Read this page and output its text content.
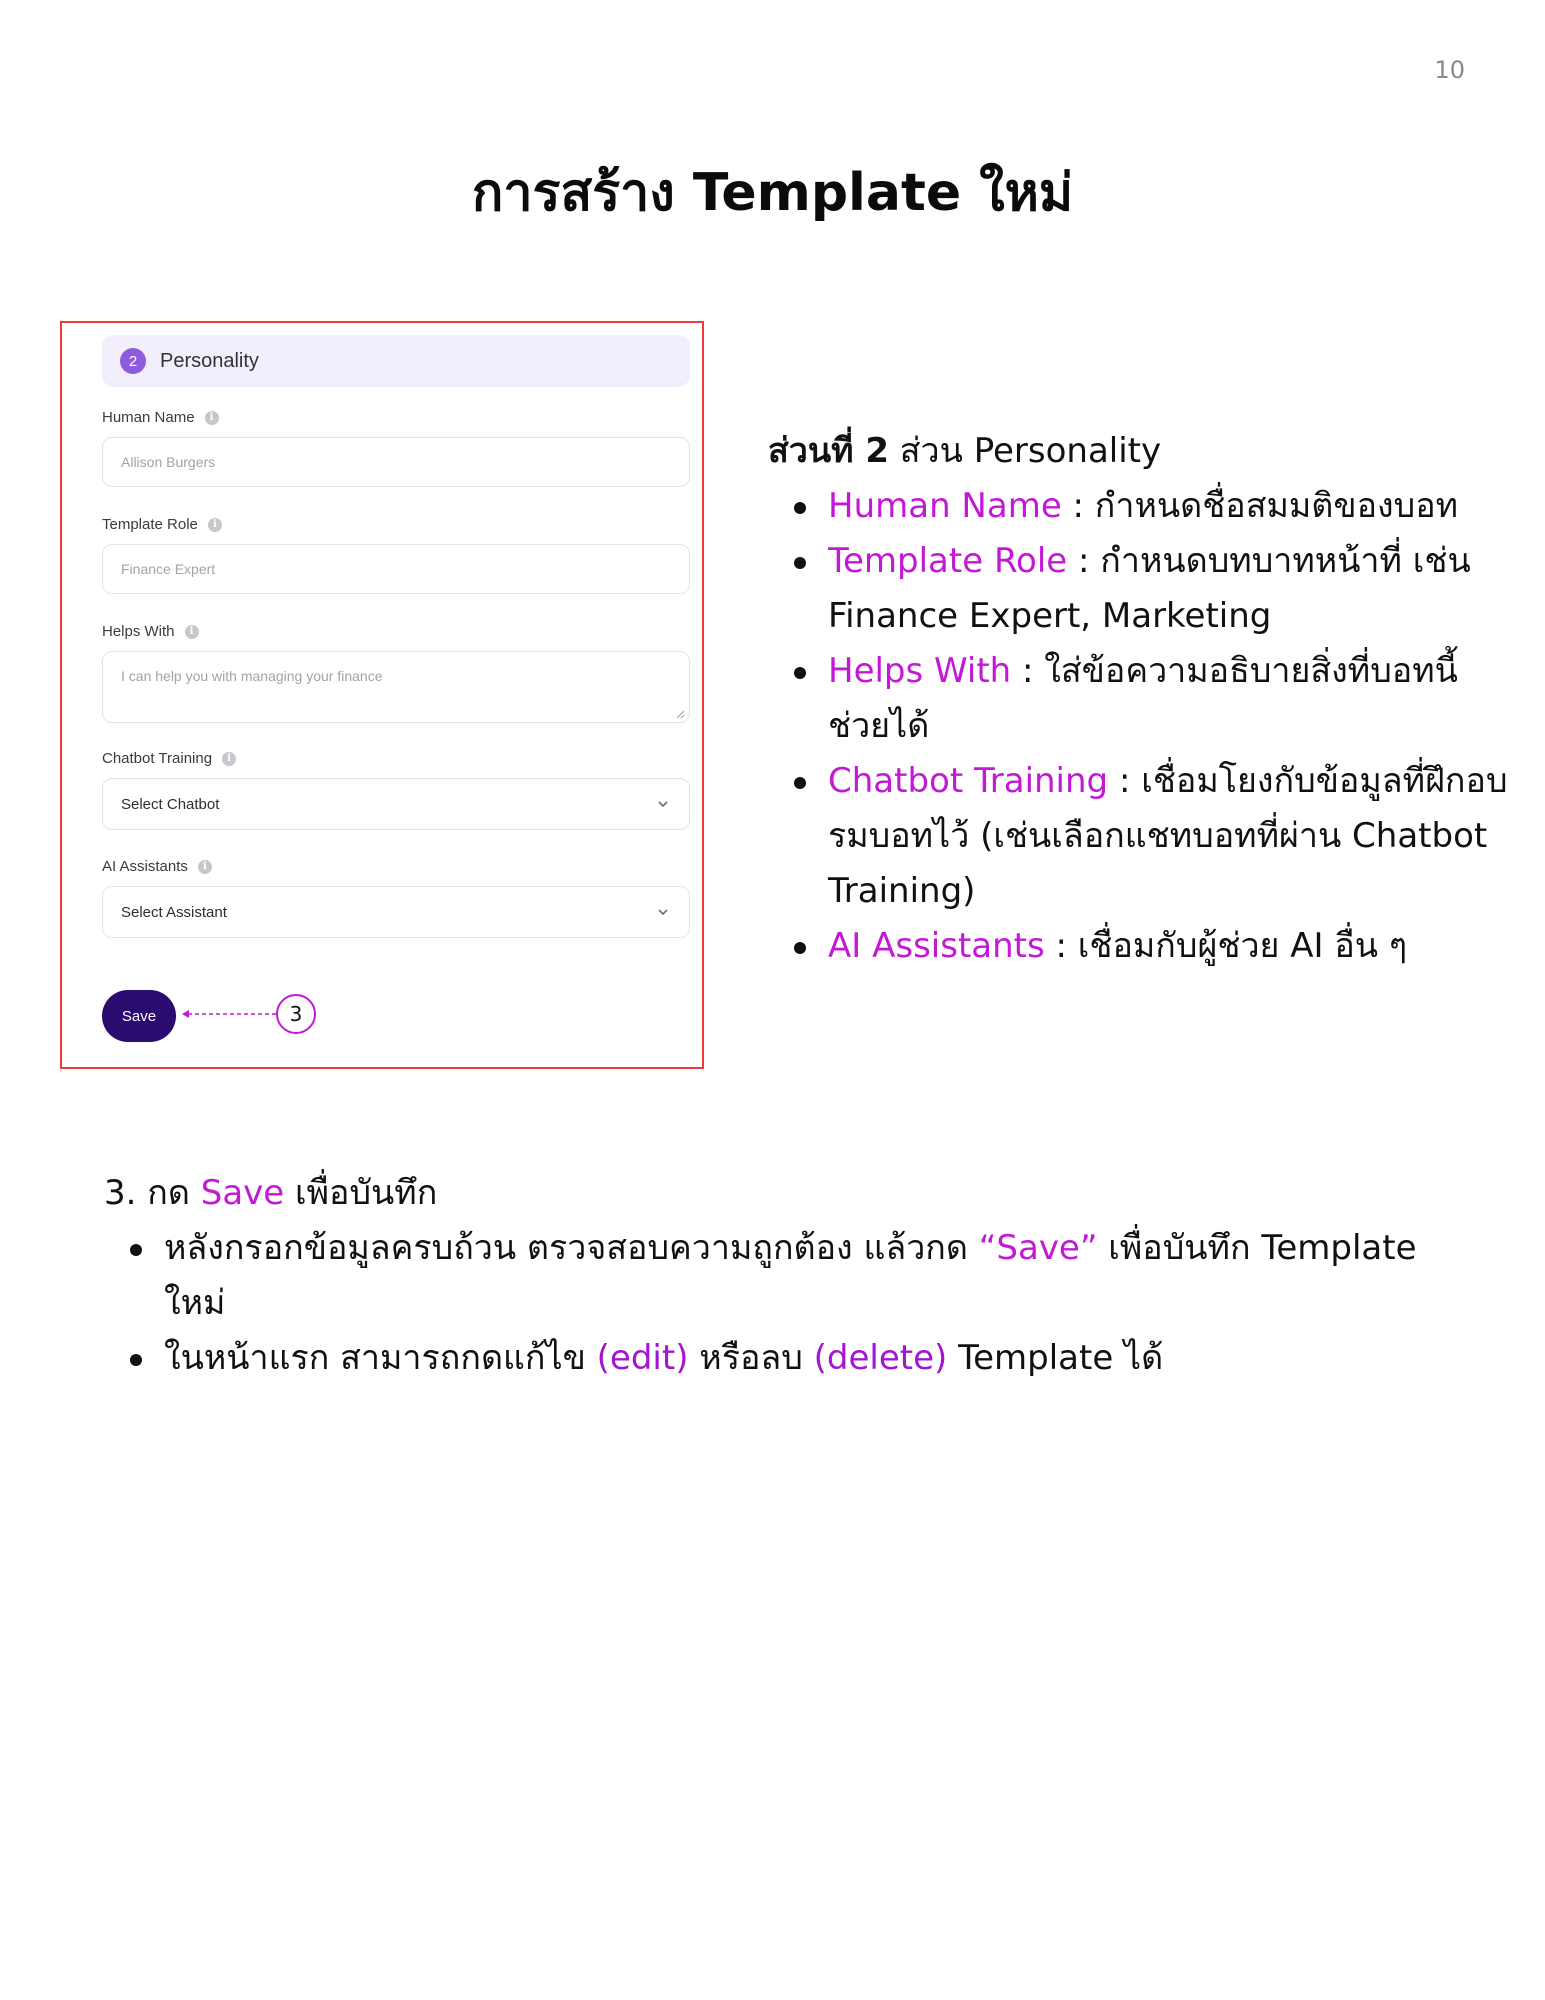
10
การสร้าง Template ใหม่
2	Personality
Human Name	i
Allison Burgers
Template Role	i
Finance Expert
Helps With	i
I can help you with managing your finance
Chatbot Training	i
Select Chatbot
AI Assistants	i
Select Assistant
Save	3
ส่วนที่ 2 ส่วน Personality
Human Name : กำหนดชื่อสมมติของบอท
Template Role : กำหนดบทบาทหน้าที่ เช่น Finance Expert, Marketing
Helps With : ใส่ข้อความอธิบายสิ่งที่บอทนี้ช่วยได้
Chatbot Training : เชื่อมโยงกับข้อมูลที่ฝึกอบรมบอทไว้ (เช่นเลือกแชทบอทที่ผ่าน Chatbot Training)
AI Assistants : เชื่อมกับผู้ช่วย AI อื่น ๆ
3. กด Save เพื่อบันทึก
หลังกรอกข้อมูลครบถ้วน ตรวจสอบความถูกต้อง แล้วกด “Save” เพื่อบันทึก Template ใหม่
ในหน้าแรก สามารถกดแก้ไข (edit) หรือลบ (delete) Template ได้
